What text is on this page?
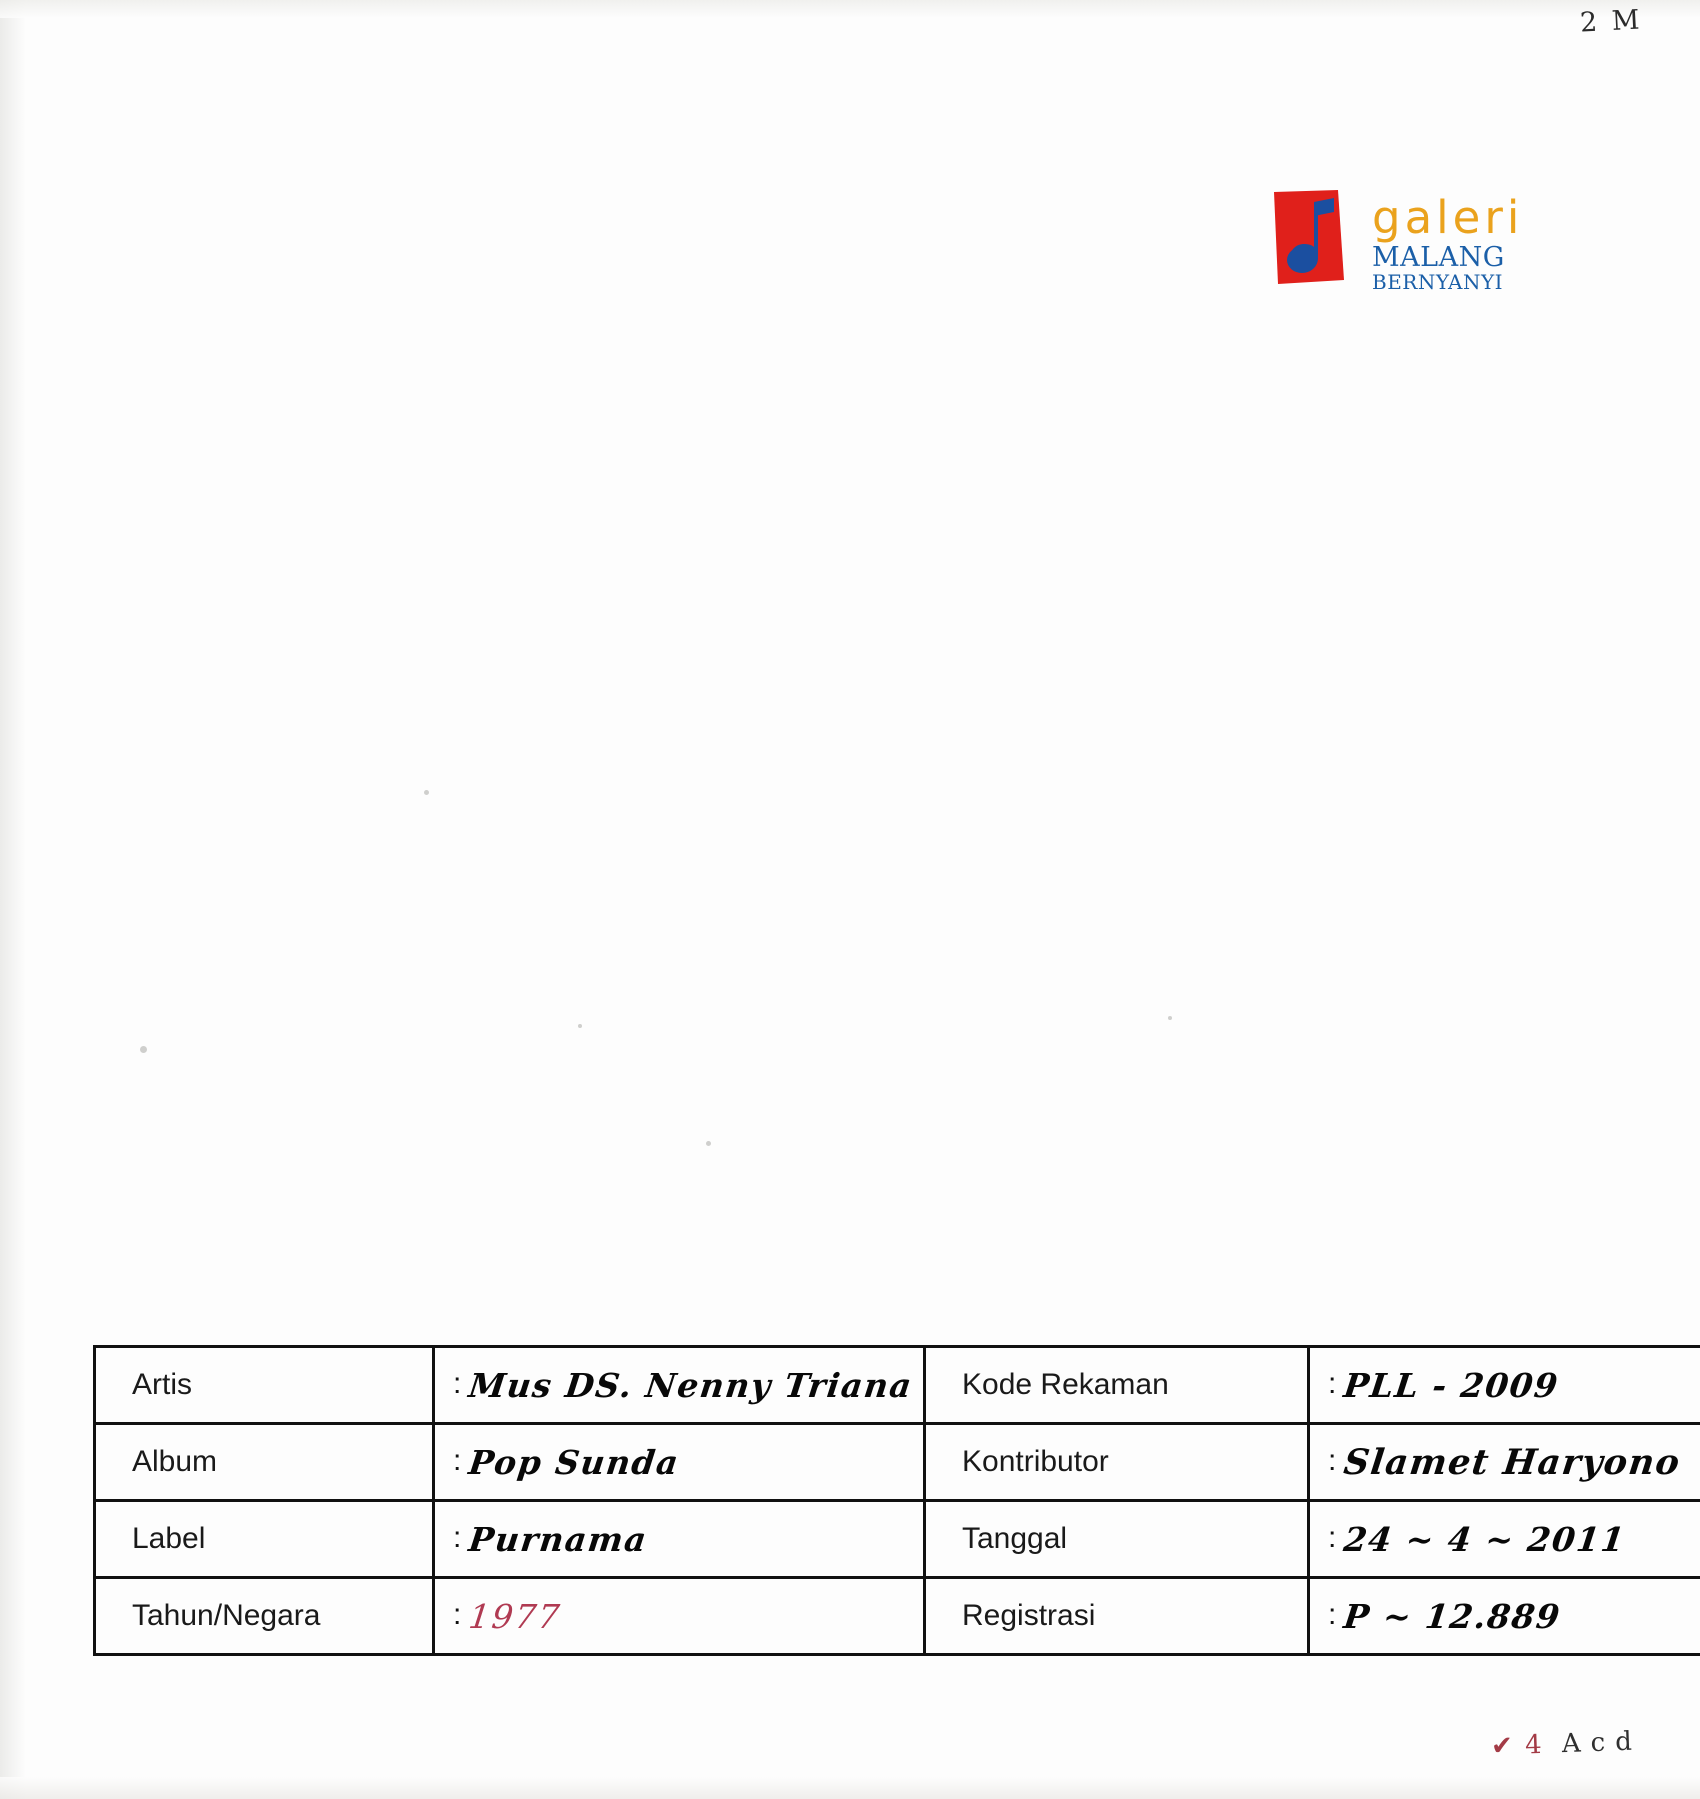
2 M
galeri
MALANG
BERNYANYI
Artis	: Mus DS. Nenny Triana	Kode Rekaman	: PLL - 2009
Album	: Pop Sunda	Kontributor	: Slamet Haryono
Label	: Purnama	Tanggal	: 24 ~ 4 ~ 2011
Tahun/Negara	: 1977	Registrasi	: P ~ 12.889
✔ 4 Acd
